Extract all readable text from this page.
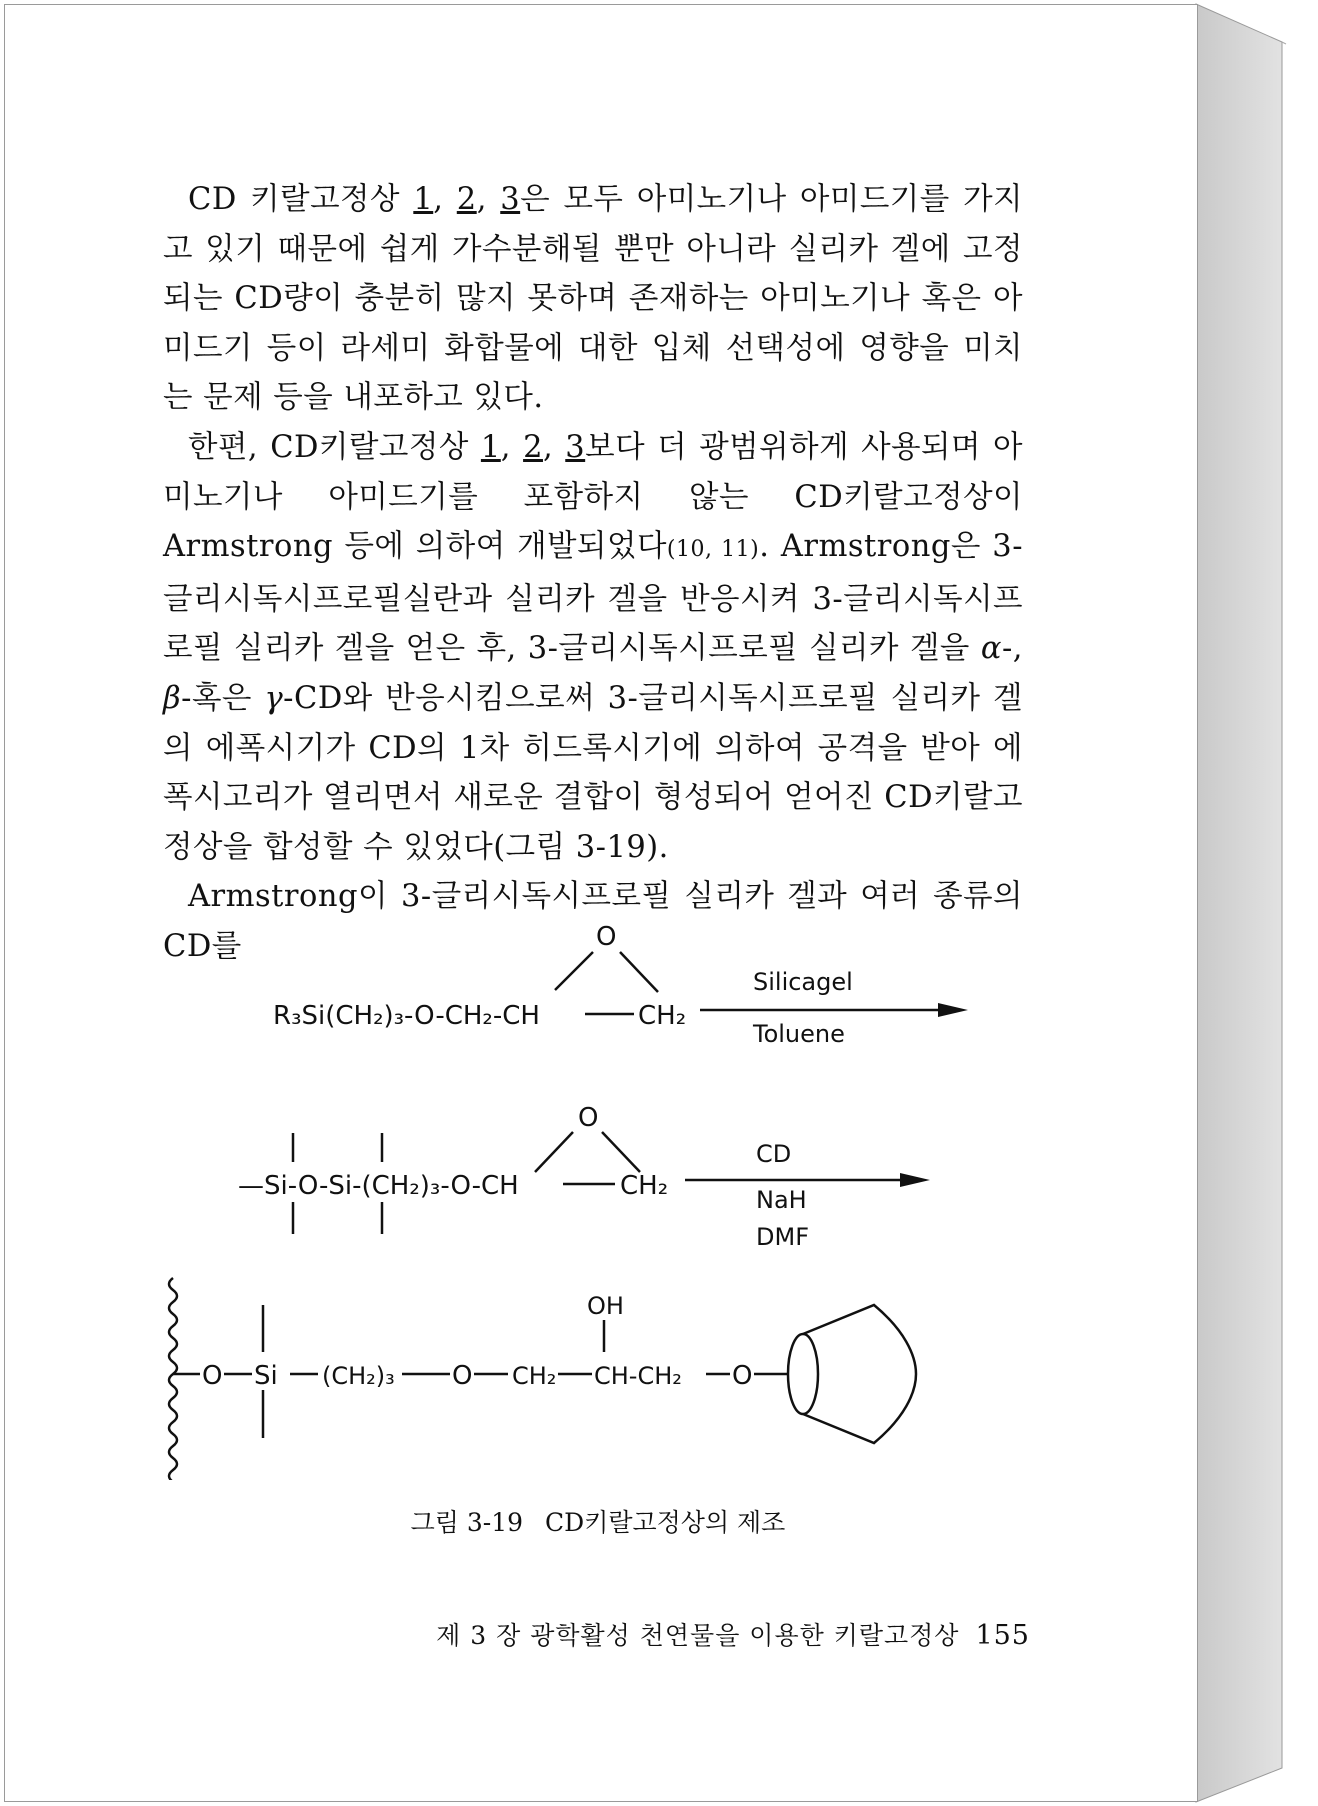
CD 키랄고정상 1, 2, 3은 모두 아미노기나 아미드기를 가지고 있기 때문에 쉽게 가수분해될 뿐만 아니라 실리카 겔에 고정되는 CD량이 충분히 많지 못하며 존재하는 아미노기나 혹은 아미드기 등이 라세미 화합물에 대한 입체 선택성에 영향을 미치는 문제 등을 내포하고 있다.

한편, CD키랄고정상 1, 2, 3보다 더 광범위하게 사용되며 아미노기나 아미드기를 포함하지 않는 CD키랄고정상이 Armstrong 등에 의하여 개발되었다(10, 11). Armstrong은 3-글리시독시프로필실란과 실리카 겔을 반응시켜 3-글리시독시프로필 실리카 겔을 얻은 후, 3-글리시독시프로필 실리카 겔을 α-, β-혹은 γ-CD와 반응시킴으로써 3-글리시독시프로필 실리카 겔의 에폭시기가 CD의 1차 히드록시기에 의하여 공격을 받아 에폭시고리가 열리면서 새로운 결합이 형성되어 얻어진 CD키랄고정상을 합성할 수 있었다(그림 3-19).

Armstrong이 3-글리시독시프로필 실리카 겔과 여러 종류의 CD를	O
R₃Si(CH₂)₃-O-CH₂-CH	CH₂
Silicagel
Toluene
O
—Si-O-Si-(CH₂)₃-O-CH	CH₂
CD
NaH
DMF
O Si (CH₂)₃ O CH₂
OH
CH-CH₂ O
그림 3-19 CD키랄고정상의 제조
제 3 장 광학활성 천연물을 이용한 키랄고정상 155
